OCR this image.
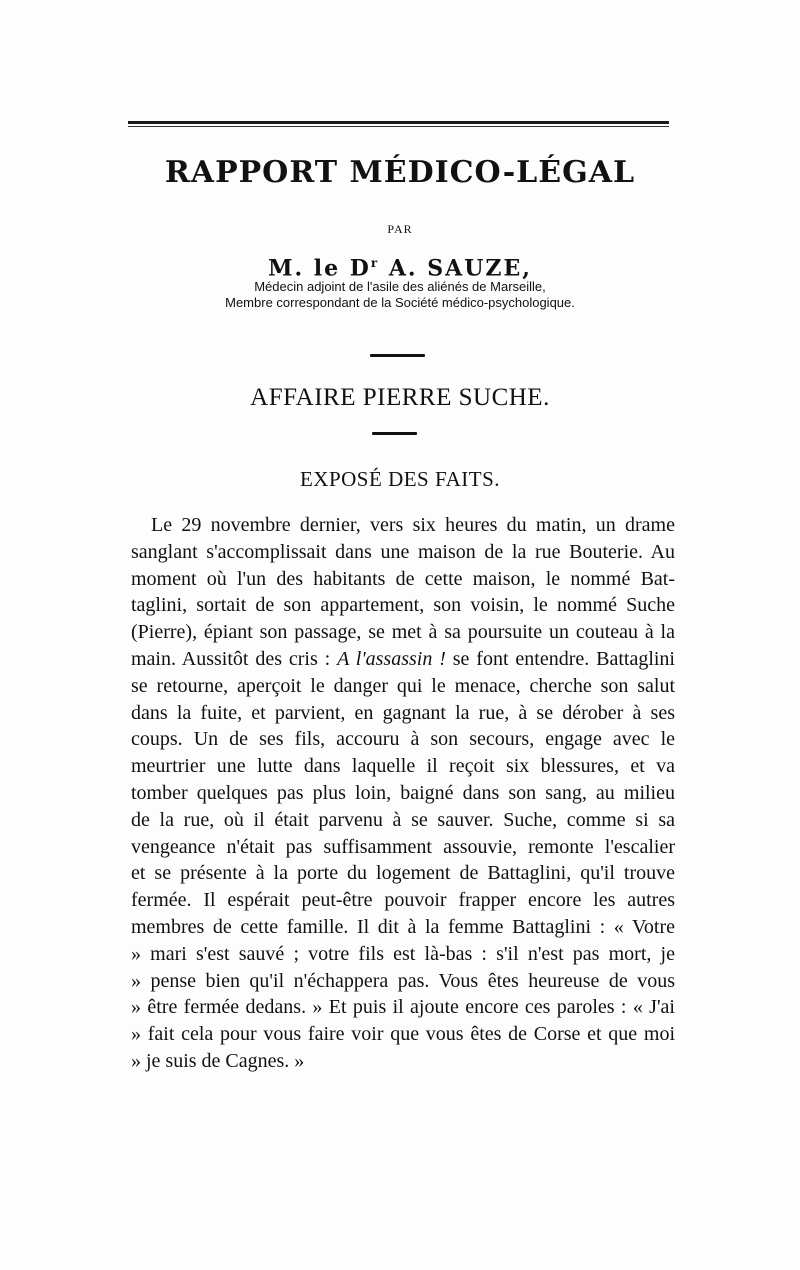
RAPPORT MÉDICO-LÉGAL
PAR
M. le $D^r$ A. SAUZE,
Médecin adjoint de l'asile des aliénés de Marseille,
Membre correspondant de la Société médico-psychologique.
AFFAIRE PIERRE SUCHE.
EXPOSÉ DES FAITS.
Le 29 novembre dernier, vers six heures du matin, un drame
sanglant s'accomplissait dans une maison de la rue Bouterie. Au
moment où l'un des habitants de cette maison, le nommé Bat-
taglini, sortait de son appartement, son voisin, le nommé Suche
(Pierre), épiant son passage, se met à sa poursuite un couteau à la
main. Aussitôt des cris : A l'assassin ! se font entendre. Battaglini
se retourne, aperçoit le danger qui le menace, cherche son salut
dans la fuite, et parvient, en gagnant la rue, à se dérober à ses
coups. Un de ses fils, accouru à son secours, engage avec le
meurtrier une lutte dans laquelle il reçoit six blessures, et va
tomber quelques pas plus loin, baigné dans son sang, au milieu
de la rue, où il était parvenu à se sauver. Suche, comme si sa
vengeance n'était pas suffisamment assouvie, remonte l'escalier
et se présente à la porte du logement de Battaglini, qu'il trouve
fermée. Il espérait peut-être pouvoir frapper encore les autres
membres de cette famille. Il dit à la femme Battaglini : « Votre
» mari s'est sauvé ; votre fils est là-bas : s'il n'est pas mort, je
» pense bien qu'il n'échappera pas. Vous êtes heureuse de vous
» être fermée dedans. » Et puis il ajoute encore ces paroles : « J'ai
» fait cela pour vous faire voir que vous êtes de Corse et que moi
» je suis de Cagnes. »
